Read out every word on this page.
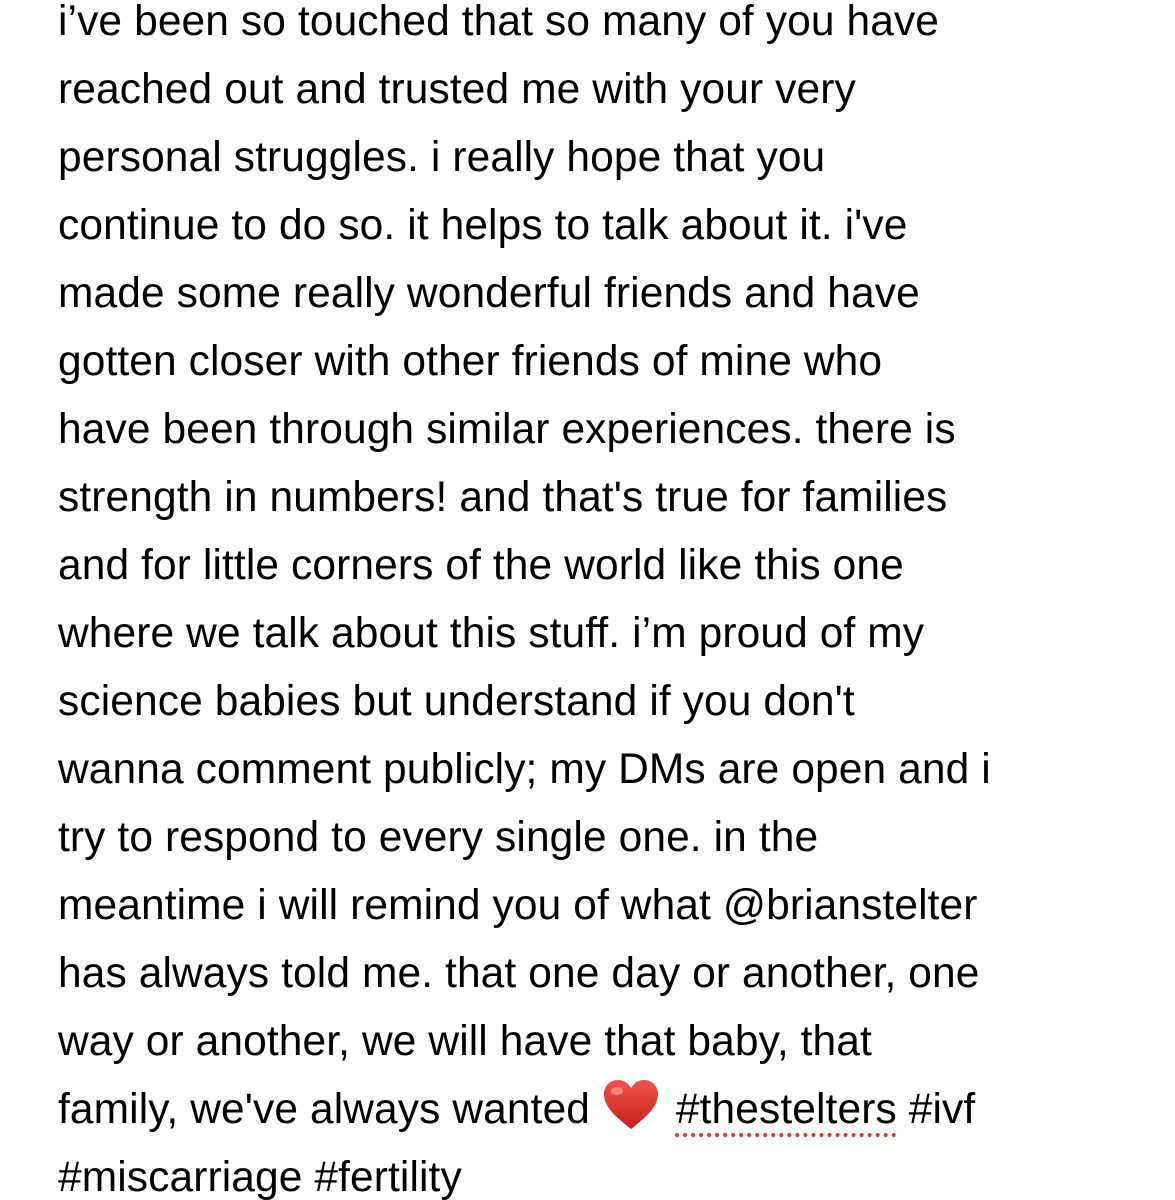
i’ve been so touched that so many of you have
reached out and trusted me with your very
personal struggles. i really hope that you
continue to do so. it helps to talk about it. i've
made some really wonderful friends and have
gotten closer with other friends of mine who
have been through similar experiences. there is
strength in numbers! and that's true for families
and for little corners of the world like this one
where we talk about this stuff. i’m proud of my
science babies but understand if you don't
wanna comment publicly; my DMs are open and i
try to respond to every single one. in the
meantime i will remind you of what @brianstelter
has always told me. that one day or another, one
way or another, we will have that baby, that
family, we've always wanted #thestelters #ivf
#miscarriage #fertility
